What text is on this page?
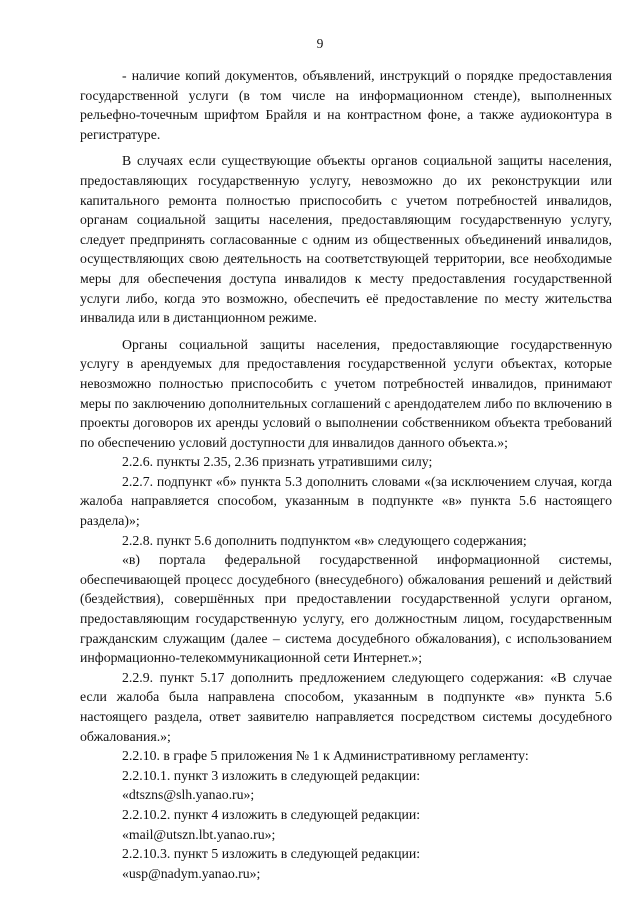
9

- наличие копий документов, объявлений, инструкций о порядке предоставления государственной услуги (в том числе на информационном стенде), выполненных рельефно-точечным шрифтом Брайля и на контрастном фоне, а также аудиоконтура в регистратуре.

В случаях если существующие объекты органов социальной защиты населения, предоставляющих государственную услугу, невозможно до их реконструкции или капитального ремонта полностью приспособить с учетом потребностей инвалидов, органам социальной защиты населения, предоставляющим государственную услугу, следует предпринять согласованные с одним из общественных объединений инвалидов, осуществляющих свою деятельность на соответствующей территории, все необходимые меры для обеспечения доступа инвалидов к месту предоставления государственной услуги либо, когда это возможно, обеспечить её предоставление по месту жительства инвалида или в дистанционном режиме.

Органы социальной защиты населения, предоставляющие государственную услугу в арендуемых для предоставления государственной услуги объектах, которые невозможно полностью приспособить с учетом потребностей инвалидов, принимают меры по заключению дополнительных соглашений с арендодателем либо по включению в проекты договоров их аренды условий о выполнении собственником объекта требований по обеспечению условий доступности для инвалидов данного объекта.»;

2.2.6. пункты 2.35, 2.36 признать утратившими силу;

2.2.7. подпункт «б» пункта 5.3 дополнить словами «(за исключением случая, когда жалоба направляется способом, указанным в подпункте «в» пункта 5.6 настоящего раздела)»;

2.2.8. пункт 5.6 дополнить подпунктом «в» следующего содержания;

«в) портала федеральной государственной информационной системы, обеспечивающей процесс досудебного (внесудебного) обжалования решений и действий (бездействия), совершённых при предоставлении государственной услуги органом, предоставляющим государственную услугу, его должностным лицом, государственным гражданским служащим (далее – система досудебного обжалования), с использованием информационно-телекоммуникационной сети Интернет.»;

2.2.9. пункт 5.17 дополнить предложением следующего содержания: «В случае если жалоба была направлена способом, указанным в подпункте «в» пункта 5.6 настоящего раздела, ответ заявителю направляется посредством системы досудебного обжалования.»;

2.2.10. в графе 5 приложения № 1 к Административному регламенту:

2.2.10.1. пункт 3 изложить в следующей редакции:

«dtszns@slh.yanao.ru»;

2.2.10.2. пункт 4 изложить в следующей редакции:

«mail@utszn.lbt.yanao.ru»;

2.2.10.3. пункт 5 изложить в следующей редакции:

«usp@nadym.yanao.ru»;
